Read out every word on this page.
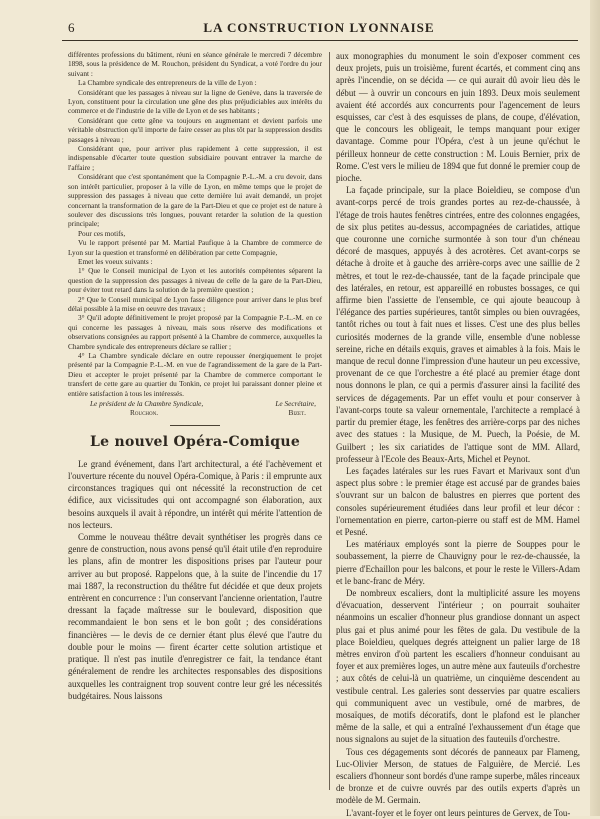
6	LA CONSTRUCTION LYONNAISE

différentes professions du bâtiment, réuni en séance générale le mercredi 7 décembre 1898, sous la présidence de M. Rouchon, président du Syndicat, a voté l'ordre du jour suivant :

La Chambre syndicale des entrepreneurs de la ville de Lyon :

Considérant que les passages à niveau sur la ligne de Genève, dans la traversée de Lyon, constituent pour la circulation une gêne des plus préjudiciables aux intérêts du commerce et de l'industrie de la ville de Lyon et de ses habitants ;

Considérant que cette gêne va toujours en augmentant et devient parfois une véritable obstruction qu'il importe de faire cesser au plus tôt par la suppression desdits passages à niveau ;

Considérant que, pour arriver plus rapidement à cette suppression, il est indispensable d'écarter toute question subsidiaire pouvant entraver la marche de l'affaire ;

Considérant que c'est spontanément que la Compagnie P.-L.-M. a cru devoir, dans son intérêt particulier, proposer à la ville de Lyon, en même temps que le projet de suppression des passages à niveau que cette dernière lui avait demandé, un projet concernant la transformation de la gare de la Part-Dieu et que ce projet est de nature à soulever des discussions très longues, pouvant retarder la solution de la question principale;

Pour ces motifs,

Vu le rapport présenté par M. Martial Paufique à la Chambre de commerce de Lyon sur la question et transformé en délibération par cette Compagnie,

Emet les voeux suivants :

1° Que le Conseil municipal de Lyon et les autorités compétentes séparent la question de la suppression des passages à niveau de celle de la gare de la Part-Dieu, pour éviter tout retard dans la solution de la première question ;

2° Que le Conseil municipal de Lyon fasse diligence pour arriver dans le plus bref délai possible à la mise en oeuvre des travaux ;

3° Qu'il adopte définitivement le projet proposé par la Compagnie P.-L.-M. en ce qui concerne les passages à niveau, mais sous réserve des modifications et observations consignées au rapport présenté à la Chambre de commerce, auxquelles la Chambre syndicale des entrepreneurs déclare se rallier ;

4° La Chambre syndicale déclare en outre repousser énergiquement le projet présenté par la Compagnie P.-L.-M. en vue de l'agrandissement de la gare de la Part-Dieu et accepter le projet présenté par la Chambre de commerce comportant le transfert de cette gare au quartier du Tonkin, ce projet lui paraissant donner pleine et entière satisfaction à tous les intéressés.

Le président de la Chambre Syndicale,	Le Secrétaire,
Rouchon.	Bizet.
Le nouvel Opéra-Comique

Le grand événement, dans l'art architectural, a été l'achèvement et l'ouverture récente du nouvel Opéra-Comique, à Paris : il emprunte aux circonstances tragiques qui ont nécessité la reconstruction de cet édifice, aux vicissitudes qui ont accompagné son élaboration, aux besoins auxquels il avait à répondre, un intérêt qui mérite l'attention de nos lecteurs.

Comme le nouveau théâtre devait synthétiser les progrès dans ce genre de construction, nous avons pensé qu'il était utile d'en reproduire les plans, afin de montrer les dispositions prises par l'auteur pour arriver au but proposé. Rappelons que, à la suite de l'incendie du 17 mai 1887, la reconstruction du théâtre fut décidée et que deux projets entrèrent en concurrence : l'un conservant l'ancienne orientation, l'autre dressant la façade maîtresse sur le boulevard, disposition que recommandaient le bon sens et le bon goût ; des considérations financières — le devis de ce dernier étant plus élevé que l'autre du double pour le moins — firent écarter cette solution artistique et pratique. Il n'est pas inutile d'enregistrer ce fait, la tendance étant généralement de rendre les architectes responsables des dispositions auxquelles les contraignent trop souvent contre leur gré les nécessités budgétaires. Nous laissons

aux monographies du monument le soin d'exposer comment ces deux projets, puis un troisième, furent écartés, et comment cinq ans après l'incendie, on se décida — ce qui aurait dû avoir lieu dès le début — à ouvrir un concours en juin 1893. Deux mois seulement avaient été accordés aux concurrents pour l'agencement de leurs esquisses, car c'est à des esquisses de plans, de coupe, d'élévation, que le concours les obligeait, le temps manquant pour exiger davantage. Comme pour l'Opéra, c'est à un jeune qu'échut le périlleux honneur de cette construction : M. Louis Bernier, prix de Rome. C'est vers le milieu de 1894 que fut donné le premier coup de pioche.

La façade principale, sur la place Boieldieu, se compose d'un avant-corps percé de trois grandes portes au rez-de-chaussée, à l'étage de trois hautes fenêtres cintrées, entre des colonnes engagées, de six plus petites au-dessus, accompagnées de cariatides, attique que couronne une corniche surmontée à son tour d'un chéneau décoré de masques, appuyés à des acrotères. Cet avant-corps se détache à droite et à gauche des arrière-corps avec une saillie de 2 mètres, et tout le rez-de-chaussée, tant de la façade principale que des latérales, en retour, est appareillé en robustes bossages, ce qui affirme bien l'assiette de l'ensemble, ce qui ajoute beaucoup à l'élégance des parties supérieures, tantôt simples ou bien ouvragées, tantôt riches ou tout à fait nues et lisses. C'est une des plus belles curiosités modernes de la grande ville, ensemble d'une noblesse sereine, riche en détails exquis, graves et aimables à la fois. Mais le manque de recul donne l'impression d'une hauteur un peu excessive, provenant de ce que l'orchestre a été placé au premier étage dont nous donnons le plan, ce qui a permis d'assurer ainsi la facilité des services de dégagements. Par un effet voulu et pour conserver à l'avant-corps toute sa valeur ornementale, l'architecte a remplacé à partir du premier étage, les fenêtres des arrière-corps par des niches avec des statues : la Musique, de M. Puech, la Poésie, de M. Guilbert ; les six cariatides de l'attique sont de MM. Allard, professeur à l'Ecole des Beaux-Arts, Michel et Peynot.

Les façades latérales sur les rues Favart et Marivaux sont d'un aspect plus sobre : le premier étage est accusé par de grandes baies s'ouvrant sur un balcon de balustres en pierres que portent des consoles supérieurement étudiées dans leur profil et leur décor : l'ornementation en pierre, carton-pierre ou staff est de MM. Hamel et Pesné.

Les matériaux employés sont la pierre de Souppes pour le soubassement, la pierre de Chauvigny pour le rez-de-chaussée, la pierre d'Echaillon pour les balcons, et pour le reste le Villers-Adam et le banc-franc de Méry.

De nombreux escaliers, dont la multiplicité assure les moyens d'évacuation, desservent l'intérieur ; on pourrait souhaiter néanmoins un escalier d'honneur plus grandiose donnant un aspect plus gai et plus animé pour les fêtes de gala. Du vestibule de la place Boieldieu, quelques degrés atteignent un palier large de 18 mètres environ d'où partent les escaliers d'honneur conduisant au foyer et aux premières loges, un autre mène aux fauteuils d'orchestre ; aux côtés de celui-là un quatrième, un cinquième descendent au vestibule central. Les galeries sont desservies par quatre escaliers qui communiquent avec un vestibule, orné de marbres, de mosaïques, de motifs décoratifs, dont le plafond est le plancher même de la salle, et qui a entraîné l'exhaussement d'un étage que nous signalons au sujet de la situation des fauteuils d'orchestre.

Tous ces dégagements sont décorés de panneaux par Flameng, Luc-Olivier Merson, de statues de Falguière, de Mercié. Les escaliers d'honneur sont bordés d'une rampe superbe, mâles rinceaux de bronze et de cuivre ouvrés par des outils experts d'après un modèle de M. Germain.

L'avant-foyer et le foyer ont leurs peintures de Gervex, de Tou-
